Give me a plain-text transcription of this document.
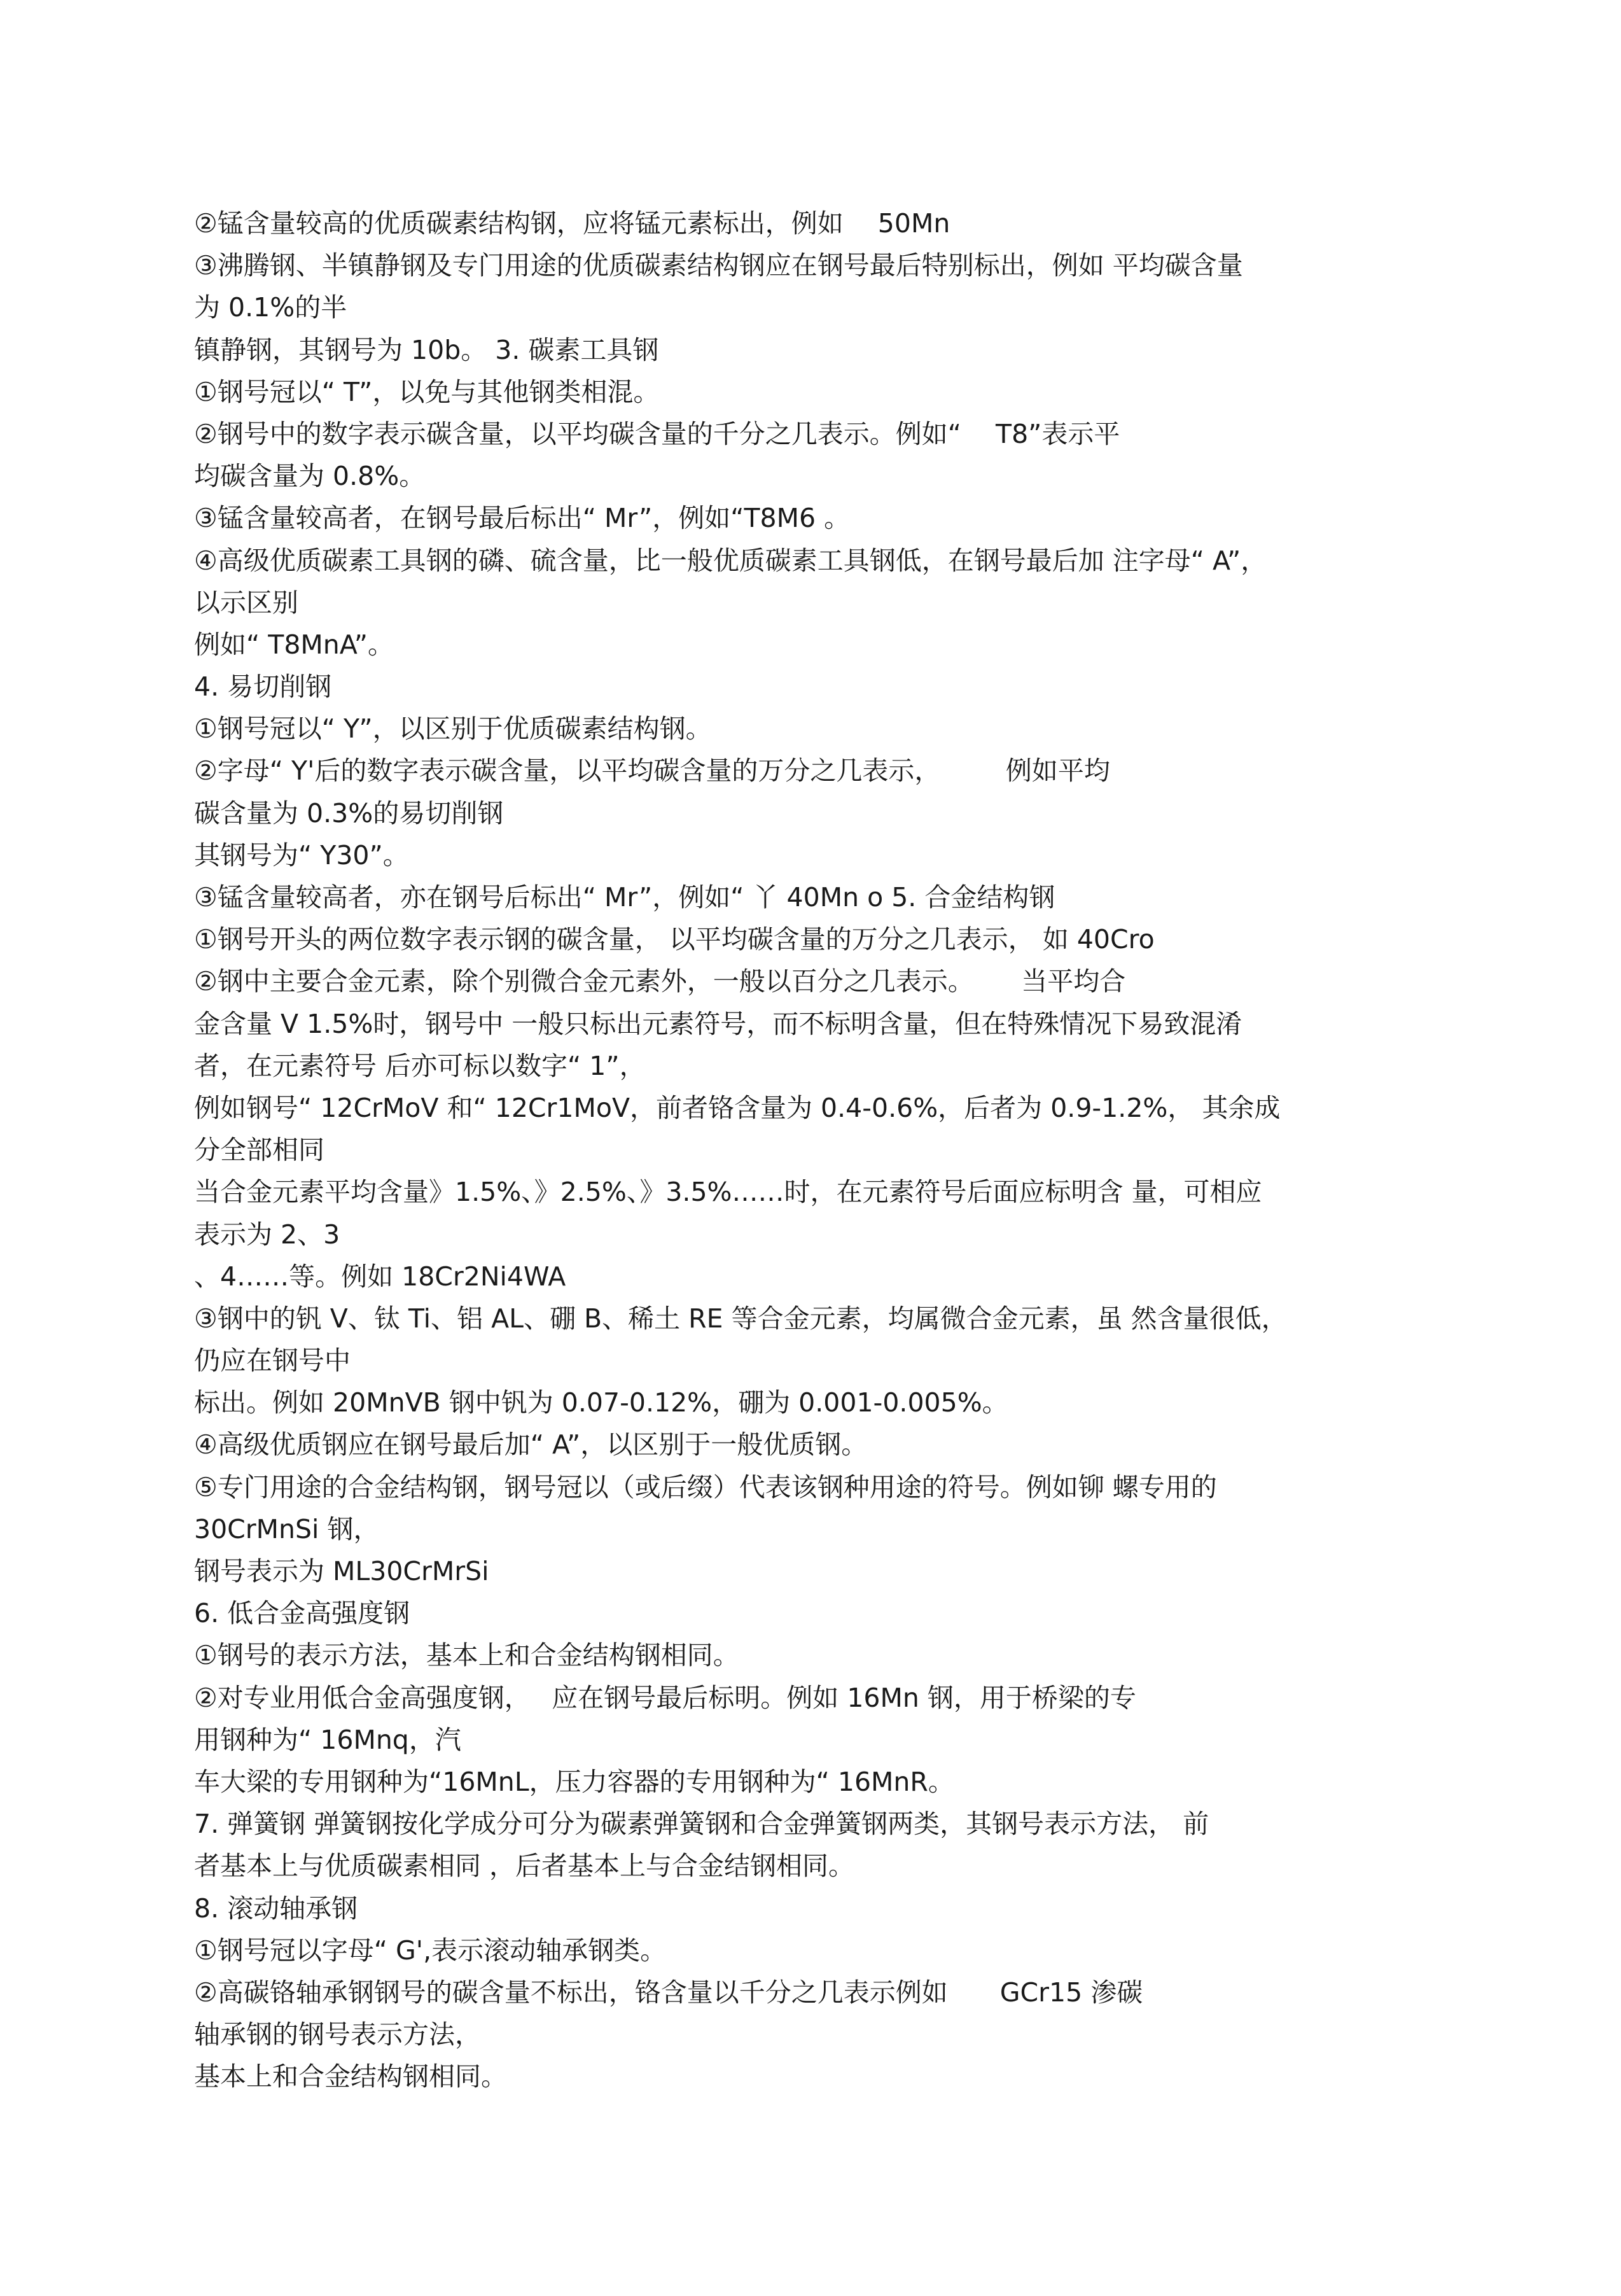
②锰含量较高的优质碳素结构钢，应将锰元素标出，例如　 50Mn
③沸腾钢、半镇静钢及专门用途的优质碳素结构钢应在钢号最后特别标出，例如 平均碳含量
为 0.1%的半
镇静钢，其钢号为 10b。 3. 碳素工具钢
①钢号冠以“ T”，以免与其他钢类相混。
②钢号中的数字表示碳含量，以平均碳含量的千分之几表示。例如“　 T8”表示平
均碳含量为 0.8%。
③锰含量较高者，在钢号最后标出“ Mr”，例如“T8M6 。
④高级优质碳素工具钢的磷、硫含量，比一般优质碳素工具钢低，在钢号最后加 注字母“ A”，
以示区别
例如“ T8MnA”。
4. 易切削钢
①钢号冠以“ Y”，以区别于优质碳素结构钢。
②字母“ Y'后的数字表示碳含量，以平均碳含量的万分之几表示，　　　例如平均
碳含量为 0.3%的易切削钢
其钢号为“ Y30”。
③锰含量较高者，亦在钢号后标出“ Mr”，例如“ 丫 40Mn o 5. 合金结构钢
①钢号开头的两位数字表示钢的碳含量， 以平均碳含量的万分之几表示， 如 40Cro
②钢中主要合金元素，除个别微合金元素外，一般以百分之几表示。　　 当平均合
金含量 V 1.5%时，钢号中 一般只标出元素符号，而不标明含量，但在特殊情况下易致混淆
者，在元素符号 后亦可标以数字“ 1”，
例如钢号“ 12CrMoV 和“ 12Cr1MoV，前者铬含量为 0.4-0.6%，后者为 0.9-1.2%， 其余成
分全部相同
当合金元素平均含量》1.5%、》2.5%、》3.5%……时，在元素符号后面应标明含 量，可相应
表示为 2、3
、4……等。例如 18Cr2Ni4WA
③钢中的钒 V、钛 Ti、铝 AL、硼 B、稀土 RE 等合金元素，均属微合金元素，虽 然含量很低，
仍应在钢号中
标出。例如 20MnVB 钢中钒为 0.07-0.12%，硼为 0.001-0.005%。
④高级优质钢应在钢号最后加“ A”，以区别于一般优质钢。
⑤专门用途的合金结构钢，钢号冠以（或后缀）代表该钢种用途的符号。例如铆 螺专用的
30CrMnSi 钢，
钢号表示为 ML30CrMrSi
6. 低合金高强度钢
①钢号的表示方法，基本上和合金结构钢相同。
②对专业用低合金高强度钢，　 应在钢号最后标明。例如 16Mn 钢，用于桥梁的专
用钢种为“ 16Mnq，汽
车大梁的专用钢种为“16MnL，压力容器的专用钢种为“ 16MnR。
7. 弹簧钢 弹簧钢按化学成分可分为碳素弹簧钢和合金弹簧钢两类，其钢号表示方法， 前
者基本上与优质碳素相同 ，后者基本上与合金结钢相同。
8. 滚动轴承钢
①钢号冠以字母“ G',表示滚动轴承钢类。
②高碳铬轴承钢钢号的碳含量不标出，铬含量以千分之几表示例如　　GCr15 渗碳
轴承钢的钢号表示方法，
基本上和合金结构钢相同。
